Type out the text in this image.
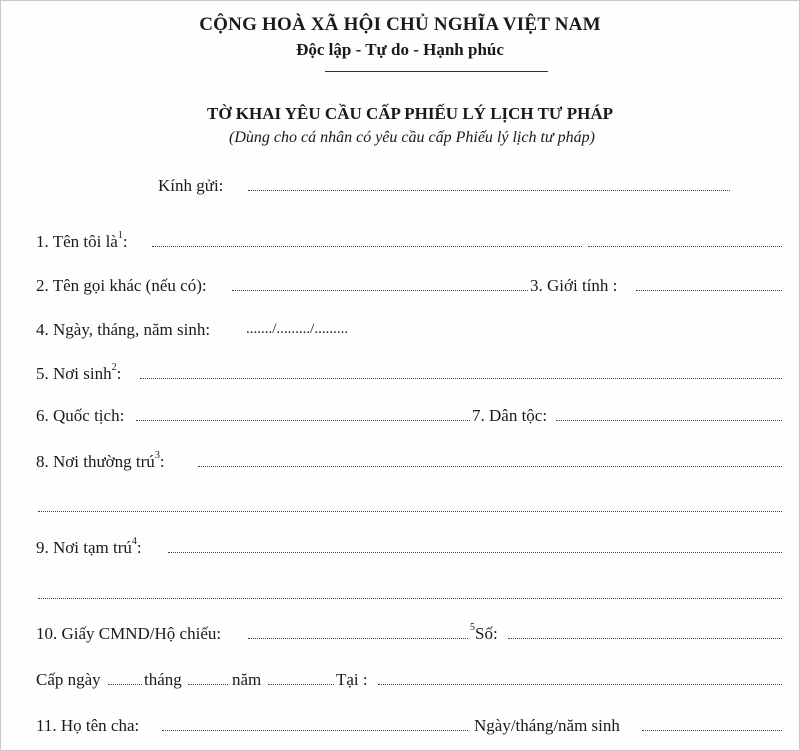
CỘNG HOÀ XÃ HỘI CHỦ NGHĨA VIỆT NAM
Độc lập - Tự do - Hạnh phúc
TỜ KHAI YÊU CẦU CẤP PHIẾU LÝ LỊCH TƯ PHÁP
(Dùng cho cá nhân có yêu cầu cấp Phiếu lý lịch tư pháp)
Kính gửi:
1. Tên tôi $là^1$:
2. Tên gọi khác (nếu có):	3. Giới tính :
4. Ngày, tháng, năm sinh: ......./........./.........
5. Nơi $\sinh^2$:
6. Quốc tịch:	7. Dân tộc:
8. Nơi thường trú$^3$:
9. Nơi tạm trú$^4$:
10. Giấy CMND/Hộ chiếu:	$^5$Số:
Cấp ngày	tháng	năm	Tại :
11. Họ tên cha:	Ngày/tháng/năm sinh
